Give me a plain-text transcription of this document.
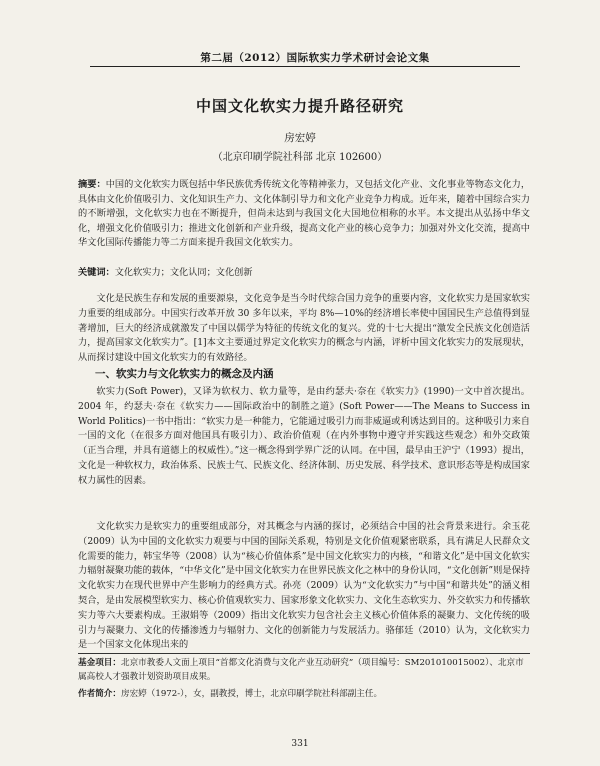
第二届（2012）国际软实力学术研讨会论文集
中国文化软实力提升路径研究
房宏婷
（北京印刷学院社科部 北京 102600）
摘要：中国的文化软实力既包括中华民族优秀传统文化等精神张力，又包括文化产业、文化事业等物态文化力，具体由文化价值吸引力、文化知识生产力、文化体制引导力和文化产业竞争力构成。近年来，随着中国综合实力的不断增强，文化软实力也在不断提升，但尚未达到与我国文化大国地位相称的水平。本文提出从弘扬中华文化，增强文化价值吸引力；推进文化创新和产业升级，提高文化产业的核心竞争力；加强对外文化交流，提高中华文化国际传播能力等二方面来提升我国文化软实力。
关键词：文化软实力；文化认同；文化创新
文化是民族生存和发展的重要源泉，文化竞争是当今时代综合国力竞争的重要内容，文化软实力是国家软实力重要的组成部分。中国实行改革开放 30 多年以来，平均 8%—10%的经济增长率使中国国民生产总值得到显著增加，巨大的经济成就激发了中国以儒学为特征的传统文化的复兴。党的十七大提出“激发全民族文化创造活力，提高国家文化软实力”。[1]本文主要通过界定文化软实力的概念与内涵，评析中国文化软实力的发展现状，从而探讨建设中国文化软实力的有效路径。
一、软实力与文化软实力的概念及内涵
软实力(Soft Power)，又译为软权力、软力量等，是由约瑟夫·奈在《软实力》(1990)一文中首次提出。2004 年，约瑟夫·奈在《软实力——国际政治中的制胜之道》(Soft Power——The Means to Success in World Politics)一书中指出：“软实力是一种能力，它能通过吸引力而非威逼或利诱达到目的。这种吸引力来自一国的文化（在很多方面对他国具有吸引力）、政治价值观（在内外事物中遵守并实践这些观念）和外交政策（正当合理，并具有道德上的权威性）。”这一概念得到学界广泛的认同。在中国，最早由王沪宁（1993）提出，文化是一种软权力，政治体系、民族士气、民族文化、经济体制、历史发展、科学技术、意识形态等是构成国家权力属性的因素。
文化软实力是软实力的重要组成部分，对其概念与内涵的探讨，必须结合中国的社会背景来进行。余玉花（2009）认为中国的文化软实力观要与中国的国际关系观，特别是文化价值观紧密联系，具有满足人民群众文化需要的能力，韩宝华等（2008）认为“核心价值体系”是中国文化软实力的内核，“和谐文化”是中国文化软实力辐射凝聚功能的载体，“中华文化”是中国文化软实力在世界民族文化之林中的身份认同，“文化创新”则是保持文化软实力在现代世界中产生影响力的经典方式。孙亮（2009）认为“文化软实力”与中国“和谐共处”的涵义相契合，是由发展模型软实力、核心价值观软实力、国家形象文化软实力、文化生态软实力、外交软实力和传播软实力等六大要素构成。王淑娟等（2009）指出文化软实力包含社会主义核心价值体系的凝聚力、文化传统的吸引力与凝聚力、文化的传播渗透力与辐射力、文化的创新能力与发展活力。骆郁廷（2010）认为，文化软实力是一个国家文化体现出来的
基金项目：北京市教委人文面上项目“首都文化消费与文化产业互动研究”（项目编号：SM201010015002）、北京市属高校人才强教计划资助项目成果。
作者简介：房宏婷（1972-），女，副教授，博士，北京印刷学院社科部副主任。
331
